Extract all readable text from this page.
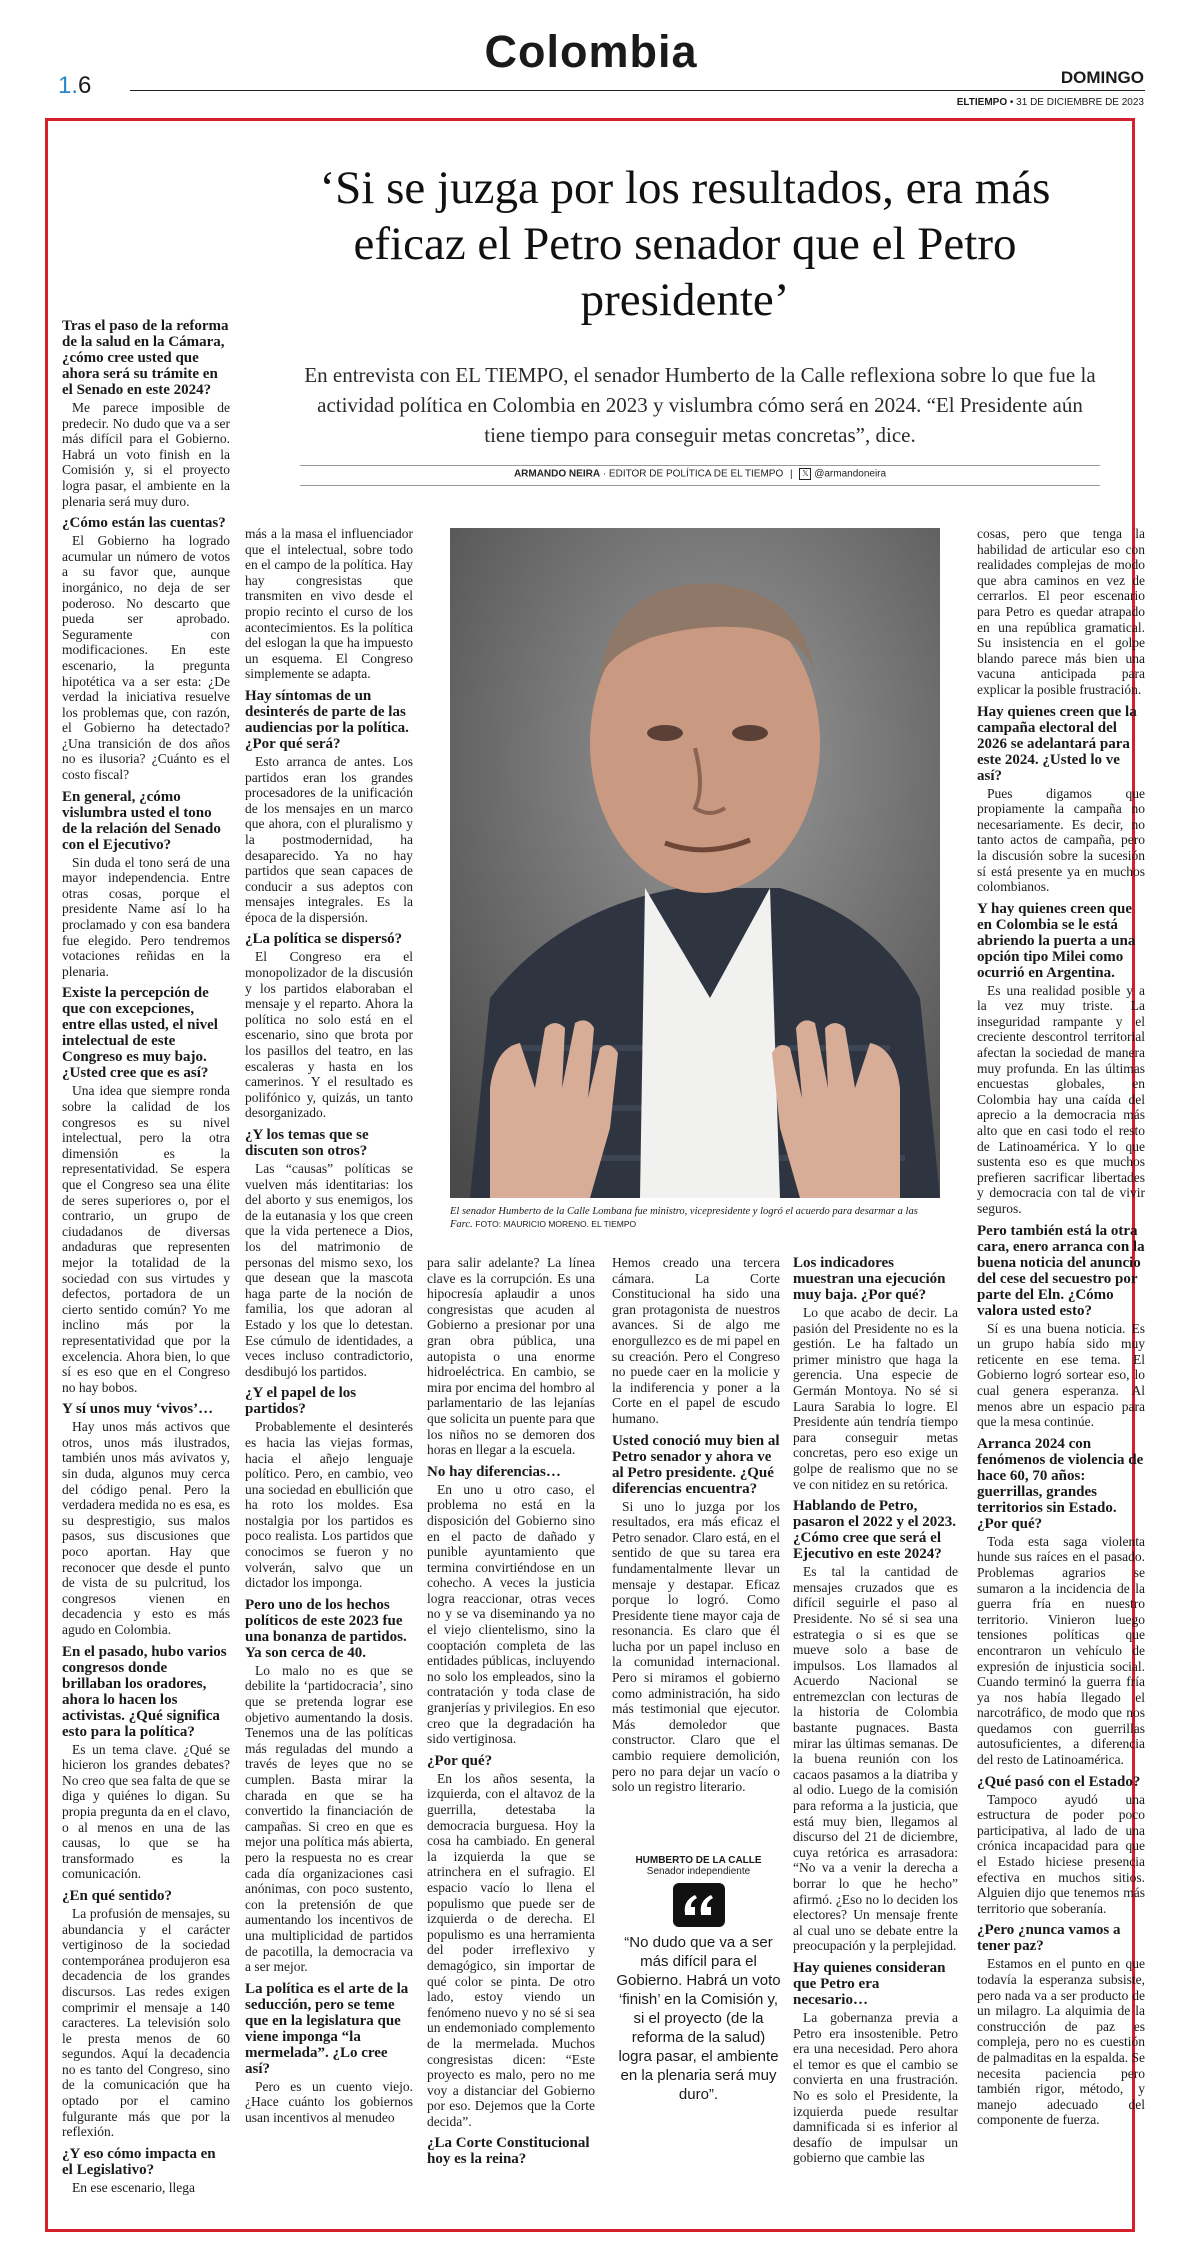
1.6
Colombia
DOMINGO
ELTIEMPO • 31 DE DICIEMBRE DE 2023
‘Si se juzga por los resultados, era más eficaz el Petro senador que el Petro presidente’
En entrevista con EL TIEMPO, el senador Humberto de la Calle reflexiona sobre lo que fue la actividad política en Colombia en 2023 y vislumbra cómo será en 2024. “El Presidente aún tiene tiempo para conseguir metas concretas”, dice.
ARMANDO NEIRA · EDITOR DE POLÍTICA DE EL TIEMPO | 𝕏 @armandoneira
Tras el paso de la reforma de la salud en la Cámara, ¿cómo cree usted que ahora será su trámite en el Senado en este 2024?

Me parece imposible de predecir. No dudo que va a ser más difícil para el Gobierno. Habrá un voto finish en la Comisión y, si el proyecto logra pasar, el ambiente en la plenaria será muy duro.

¿Cómo están las cuentas?

El Gobierno ha logrado acumular un número de votos a su favor que, aunque inorgánico, no deja de ser poderoso. No descarto que pueda ser aprobado. Seguramente con modificaciones. En este escenario, la pregunta hipotética va a ser esta: ¿De verdad la iniciativa resuelve los problemas que, con razón, el Gobierno ha detectado? ¿Una transición de dos años no es ilusoria? ¿Cuánto es el costo fiscal?

En general, ¿cómo vislumbra usted el tono de la relación del Senado con el Ejecutivo?

Sin duda el tono será de una mayor independencia. Entre otras cosas, porque el presidente Name así lo ha proclamado y con esa bandera fue elegido. Pero tendremos votaciones reñidas en la plenaria.

Existe la percepción de que con excepciones, entre ellas usted, el nivel intelectual de este Congreso es muy bajo. ¿Usted cree que es así?

Una idea que siempre ronda sobre la calidad de los congresos es su nivel intelectual, pero la otra dimensión es la representatividad. Se espera que el Congreso sea una élite de seres superiores o, por el contrario, un grupo de ciudadanos de diversas andaduras que representen mejor la totalidad de la sociedad con sus virtudes y defectos, portadora de un cierto sentido común? Yo me inclino más por la representatividad que por la excelencia. Ahora bien, lo que sí es eso que en el Congreso no hay bobos.

Y sí unos muy ‘vivos’…

Hay unos más activos que otros, unos más ilustrados, también unos más avivatos y, sin duda, algunos muy cerca del código penal. Pero la verdadera medida no es esa, es su desprestigio, sus malos pasos, sus discusiones que poco aportan. Hay que reconocer que desde el punto de vista de su pulcritud, los congresos vienen en decadencia y esto es más agudo en Colombia.

En el pasado, hubo varios congresos donde brillaban los oradores, ahora lo hacen los activistas. ¿Qué significa esto para la política?

Es un tema clave. ¿Qué se hicieron los grandes debates? No creo que sea falta de que se diga y quiénes lo digan. Su propia pregunta da en el clavo, o al menos en una de las causas, lo que se ha transformado es la comunicación.

¿En qué sentido?

La profusión de mensajes, su abundancia y el carácter vertiginoso de la sociedad contemporánea produjeron esa decadencia de los grandes discursos. Las redes exigen comprimir el mensaje a 140 caracteres. La televisión solo le presta menos de 60 segundos. Aquí la decadencia no es tanto del Congreso, sino de la comunicación que ha optado por el camino fulgurante más que por la reflexión.

¿Y eso cómo impacta en el Legislativo?

En ese escenario, llega

más a la masa el influenciador que el intelectual, sobre todo en el campo de la política. Hay hay congresistas que transmiten en vivo desde el propio recinto el curso de los acontecimientos. Es la política del eslogan la que ha impuesto un esquema. El Congreso simplemente se adapta.

Hay síntomas de un desinterés de parte de las audiencias por la política. ¿Por qué será?

Esto arranca de antes. Los partidos eran los grandes procesadores de la unificación de los mensajes en un marco que ahora, con el pluralismo y la postmodernidad, ha desaparecido. Ya no hay partidos que sean capaces de conducir a sus adeptos con mensajes integrales. Es la época de la dispersión.

¿La política se dispersó?

El Congreso era el monopolizador de la discusión y los partidos elaboraban el mensaje y el reparto. Ahora la política no solo está en el escenario, sino que brota por los pasillos del teatro, en las escaleras y hasta en los camerinos. Y el resultado es polifónico y, quizás, un tanto desorganizado.

¿Y los temas que se discuten son otros?

Las “causas” políticas se vuelven más identitarias: los del aborto y sus enemigos, los de la eutanasia y los que creen que la vida pertenece a Dios, los del matrimonio de personas del mismo sexo, los que desean que la mascota haga parte de la noción de familia, los que adoran al Estado y los que lo detestan. Ese cúmulo de identidades, a veces incluso contradictorio, desdibujó los partidos.

¿Y el papel de los partidos?

Probablemente el desinterés es hacia las viejas formas, hacia el añejo lenguaje político. Pero, en cambio, veo una sociedad en ebullición que ha roto los moldes. Esa nostalgia por los partidos es poco realista. Los partidos que conocimos se fueron y no volverán, salvo que un dictador los imponga.

Pero uno de los hechos políticos de este 2023 fue una bonanza de partidos. Ya son cerca de 40.

Lo malo no es que se debilite la ‘partidocracia’, sino que se pretenda lograr ese objetivo aumentando la dosis. Tenemos una de las políticas más reguladas del mundo a través de leyes que no se cumplen. Basta mirar la charada en que se ha convertido la financiación de campañas. Si creo en que es mejor una política más abierta, pero la respuesta no es crear cada día organizaciones casi anónimas, con poco sustento, con la pretensión de que aumentando los incentivos de una multiplicidad de partidos de pacotilla, la democracia va a ser mejor.

La política es el arte de la seducción, pero se teme que en la legislatura que viene imponga “la mermelada”. ¿Lo cree así?

Pero es un cuento viejo. ¿Hace cuánto los gobiernos usan incentivos al menudeo

El senador Humberto de la Calle Lombana fue ministro, vicepresidente y logró el acuerdo para desarmar a las Farc. FOTO: MAURICIO MORENO. EL TIEMPO

para salir adelante? La línea clave es la corrupción. Es una hipocresía aplaudir a unos congresistas que acuden al Gobierno a presionar por una gran obra pública, una autopista o una enorme hidroeléctrica. En cambio, se mira por encima del hombro al parlamentario de las lejanías que solicita un puente para que los niños no se demoren dos horas en llegar a la escuela.

No hay diferencias…

En uno u otro caso, el problema no está en la disposición del Gobierno sino en el pacto de dañado y punible ayuntamiento que termina convirtiéndose en un cohecho. A veces la justicia logra reaccionar, otras veces no y se va diseminando ya no el viejo clientelismo, sino la cooptación completa de las entidades públicas, incluyendo no solo los empleados, sino la contratación y toda clase de granjerías y privilegios. En eso creo que la degradación ha sido vertiginosa.

¿Por qué?

En los años sesenta, la izquierda, con el altavoz de la guerrilla, detestaba la democracia burguesa. Hoy la cosa ha cambiado. En general la izquierda la que se atrinchera en el sufragio. El espacio vacío lo llena el populismo que puede ser de izquierda o de derecha. El populismo es una herramienta del poder irreflexivo y demagógico, sin importar de qué color se pinta. De otro lado, estoy viendo un fenómeno nuevo y no sé si sea un endemoniado complemento de la mermelada. Muchos congresistas dicen: “Este proyecto es malo, pero no me voy a distanciar del Gobierno por eso. Dejemos que la Corte decida”.

¿La Corte Constitucional hoy es la reina?

Hemos creado una tercera cámara. La Corte Constitucional ha sido una gran protagonista de nuestros avances. Si de algo me enorgullezco es de mi papel en su creación. Pero el Congreso no puede caer en la molicie y la indiferencia y poner a la Corte en el papel de escudo humano.

Usted conoció muy bien al Petro senador y ahora ve al Petro presidente. ¿Qué diferencias encuentra?

Si uno lo juzga por los resultados, era más eficaz el Petro senador. Claro está, en el sentido de que su tarea era fundamentalmente llevar un mensaje y destapar. Eficaz porque lo logró. Como Presidente tiene mayor caja de resonancia. Es claro que él lucha por un papel incluso en la comunidad internacional. Pero si miramos el gobierno como administración, ha sido más testimonial que ejecutor. Más demoledor que constructor. Claro que el cambio requiere demolición, pero no para dejar un vacío o solo un registro literario.

HUMBERTO DE LA CALLE
Senador independiente
“No dudo que va a ser más difícil para el Gobierno. Habrá un voto ‘finish’ en la Comisión y, si el proyecto (de la reforma de la salud) logra pasar, el ambiente en la plenaria será muy duro”.
Los indicadores muestran una ejecución muy baja. ¿Por qué?

Lo que acabo de decir. La pasión del Presidente no es la gestión. Le ha faltado un primer ministro que haga la gerencia. Una especie de Germán Montoya. No sé si Laura Sarabia lo logre. El Presidente aún tendría tiempo para conseguir metas concretas, pero eso exige un golpe de realismo que no se ve con nitidez en su retórica.

Hablando de Petro, pasaron el 2022 y el 2023. ¿Cómo cree que será el Ejecutivo en este 2024?

Es tal la cantidad de mensajes cruzados que es difícil seguirle el paso al Presidente. No sé si sea una estrategia o si es que se mueve solo a base de impulsos. Los llamados al Acuerdo Nacional se entremezclan con lecturas de la historia de Colombia bastante pugnaces. Basta mirar las últimas semanas. De la buena reunión con los cacaos pasamos a la diatriba y al odio. Luego de la comisión para reforma a la justicia, que está muy bien, llegamos al discurso del 21 de diciembre, cuya retórica es arrasadora: “No va a venir la derecha a borrar lo que he hecho” afirmó. ¿Eso no lo deciden los electores? Un mensaje frente al cual uno se debate entre la preocupación y la perplejidad.

Hay quienes consideran que Petro era necesario…

La gobernanza previa a Petro era insostenible. Petro era una necesidad. Pero ahora el temor es que el cambio se convierta en una frustración. No es solo el Presidente, la izquierda puede resultar damnificada si es inferior al desafío de impulsar un gobierno que cambie las

cosas, pero que tenga la habilidad de articular eso con realidades complejas de modo que abra caminos en vez de cerrarlos. El peor escenario para Petro es quedar atrapado en una república gramatical. Su insistencia en el golpe blando parece más bien una vacuna anticipada para explicar la posible frustración.

Hay quienes creen que la campaña electoral del 2026 se adelantará para este 2024. ¿Usted lo ve así?

Pues digamos que propiamente la campaña no necesariamente. Es decir, no tanto actos de campaña, pero la discusión sobre la sucesión sí está presente ya en muchos colombianos.

Y hay quienes creen que en Colombia se le está abriendo la puerta a una opción tipo Milei como ocurrió en Argentina.

Es una realidad posible y a la vez muy triste. La inseguridad rampante y el creciente descontrol territorial afectan la sociedad de manera muy profunda. En las últimas encuestas globales, en Colombia hay una caída del aprecio a la democracia más alto que en casi todo el resto de Latinoamérica. Y lo que sustenta eso es que muchos prefieren sacrificar libertades y democracia con tal de vivir seguros.

Pero también está la otra cara, enero arranca con la buena noticia del anuncio del cese del secuestro por parte del Eln. ¿Cómo valora usted esto?

Sí es una buena noticia. Es un grupo había sido muy reticente en ese tema. El Gobierno logró sortear eso, lo cual genera esperanza. Al menos abre un espacio para que la mesa continúe.

Arranca 2024 con fenómenos de violencia de hace 60, 70 años: guerrillas, grandes territorios sin Estado. ¿Por qué?

Toda esta saga violenta hunde sus raíces en el pasado. Problemas agrarios se sumaron a la incidencia de la guerra fría en nuestro territorio. Vinieron luego tensiones políticas que encontraron un vehículo de expresión de injusticia social. Cuando terminó la guerra fría ya nos había llegado el narcotráfico, de modo que nos quedamos con guerrillas autosuficientes, a diferencia del resto de Latinoamérica.

¿Qué pasó con el Estado?

Tampoco ayudó una estructura de poder poco participativa, al lado de una crónica incapacidad para que el Estado hiciese presencia efectiva en muchos sitios. Alguien dijo que tenemos más territorio que soberanía.

¿Pero ¿nunca vamos a tener paz?

Estamos en el punto en que todavía la esperanza subsiste, pero nada va a ser producto de un milagro. La alquimia de la construcción de paz es compleja, pero no es cuestión de palmaditas en la espalda. Se necesita paciencia pero también rigor, método, y manejo adecuado del componente de fuerza.
